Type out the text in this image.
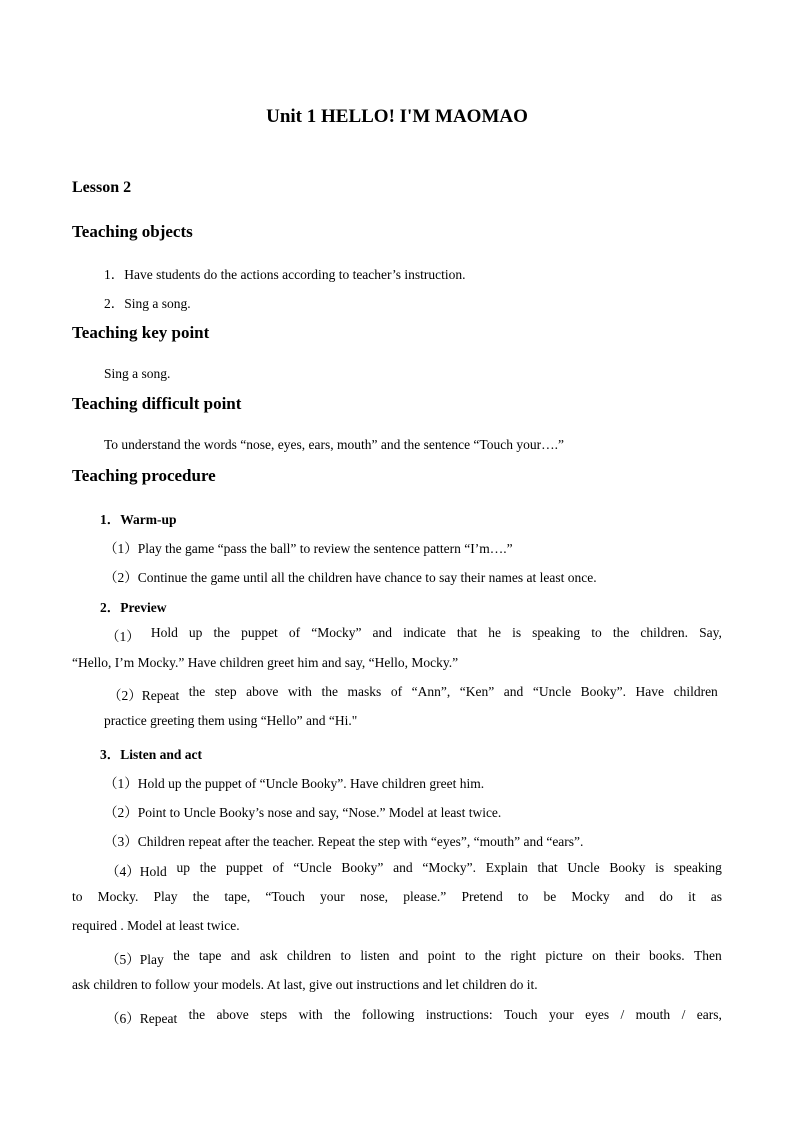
Unit 1 HELLO! I'M MAOMAO
Lesson 2
Teaching objects
1．Have students do the actions according to teacher’s instruction.
2．Sing a song.
Teaching key point
Sing a song.
Teaching difficult point
To understand the words “nose, eyes, ears, mouth” and the sentence “Touch your….”
Teaching procedure
1．Warm-up
（1）Play the game “pass the ball” to review the sentence pattern “I’m….”
（2）Continue the game until all the children have chance to say their names at least once.
2．Preview
（1） Hold up the puppet of “Mocky” and indicate that he is speaking to the children. Say,
“Hello, I’m Mocky.” Have children greet him and say, “Hello, Mocky.”
（2）Repeat the step above with the masks of “Ann”, “Ken” and “Uncle Booky”. Have children
practice greeting them using “Hello” and “Hi."
3．Listen and act
（1）Hold up the puppet of “Uncle Booky”. Have children greet him.
（2）Point to Uncle Booky’s nose and say, “Nose.” Model at least twice.
（3）Children repeat after the teacher. Repeat the step with “eyes”, “mouth” and “ears”.
（4）Hold up the puppet of “Uncle Booky” and “Mocky”. Explain that Uncle Booky is speaking
to Mocky. Play the tape, “Touch your nose, please.” Pretend to be Mocky and do it as
required . Model at least twice.
（5）Play the tape and ask children to listen and point to the right picture on their books. Then
ask children to follow your models. At last, give out instructions and let children do it.
（6）Repeat the above steps with the following instructions: Touch your eyes / mouth / ears,
